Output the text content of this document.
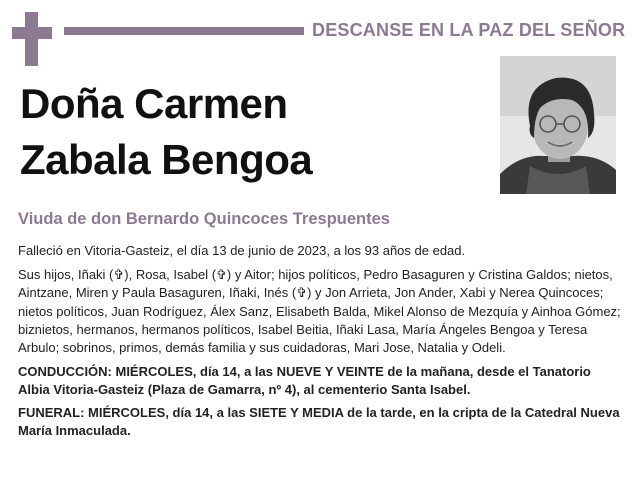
DESCANSE EN LA PAZ DEL SEÑOR
Doña Carmen
Zabala Bengoa
Viuda de don Bernardo Quincoces Trespuentes

Falleció en Vitoria-Gasteiz, el día 13 de junio de 2023, a los 93 años de edad.

Sus hijos, Iñaki (✞), Rosa, Isabel (✞) y Aitor; hijos políticos, Pedro Basaguren y Cristina Galdos; nietos, Aintzane, Miren y Paula Basaguren, Iñaki, Inés (✞) y Jon Arrieta, Jon Ander, Xabi y Nerea Quincoces; nietos políticos, Juan Rodríguez, Álex Sanz, Elisabeth Balda, Mikel Alonso de Mezquía y Ainhoa Gómez; biznietos, hermanos, hermanos políticos, Isabel Beitia, Iñaki Lasa, María Ángeles Bengoa y Teresa Arbulo; sobrinos, primos, demás familia y sus cuidadoras, Mari Jose, Natalia y Odeli.

CONDUCCIÓN: MIÉRCOLES, día 14, a las NUEVE Y VEINTE de la mañana, desde el Tanatorio Albia Vitoria-Gasteiz (Plaza de Gamarra, nº 4), al cementerio Santa Isabel.

FUNERAL: MIÉRCOLES, día 14, a las SIETE Y MEDIA de la tarde, en la cripta de la Catedral Nueva María Inmaculada.
